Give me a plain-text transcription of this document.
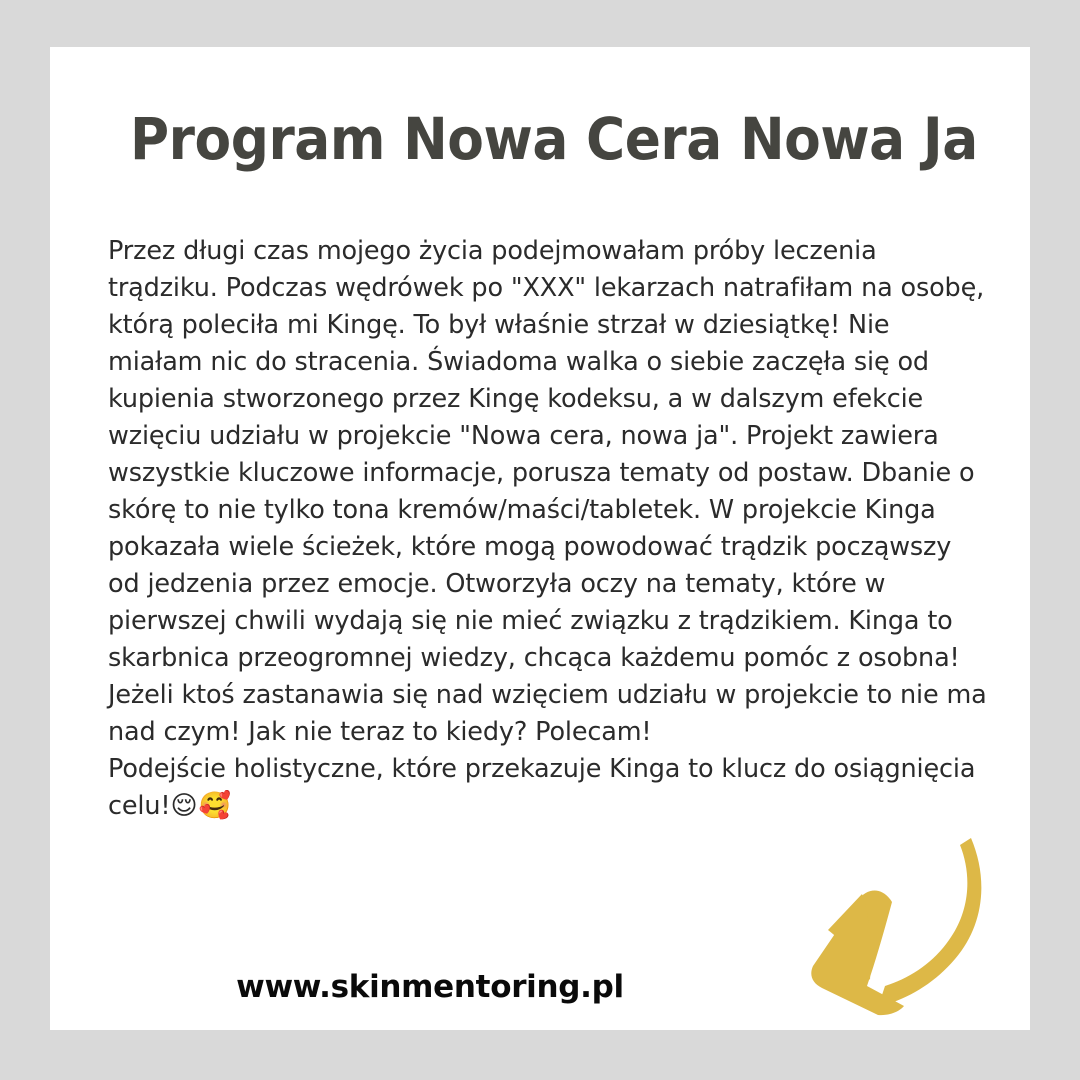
Program Nowa Cera Nowa Ja

Przez długi czas mojego życia podejmowałam próby leczenia trądziku. Podczas wędrówek po "XXX" lekarzach natrafiłam na osobę, którą poleciła mi Kingę. To był właśnie strzał w dziesiątkę! Nie miałam nic do stracenia. Świadoma walka o siebie zaczęła się od kupienia stworzonego przez Kingę kodeksu, a w dalszym efekcie wzięciu udziału w projekcie "Nowa cera, nowa ja". Projekt zawiera wszystkie kluczowe informacje, porusza tematy od postaw. Dbanie o skórę to nie tylko tona kremów/maści/tabletek. W projekcie Kinga pokazała wiele ścieżek, które mogą powodować trądzik począwszy od jedzenia przez emocje. Otworzyła oczy na tematy, które w pierwszej chwili wydają się nie mieć związku z trądzikiem. Kinga to skarbnica przeogromnej wiedzy, chcąca każdemu pomóc z osobna! Jeżeli ktoś zastanawia się nad wzięciem udziału w projekcie to nie ma nad czym! Jak nie teraz to kiedy? Polecam!

Podejście holistyczne, które przekazuje Kinga to klucz do osiągnięcia celu!😌🥰

www.skinmentoring.pl
